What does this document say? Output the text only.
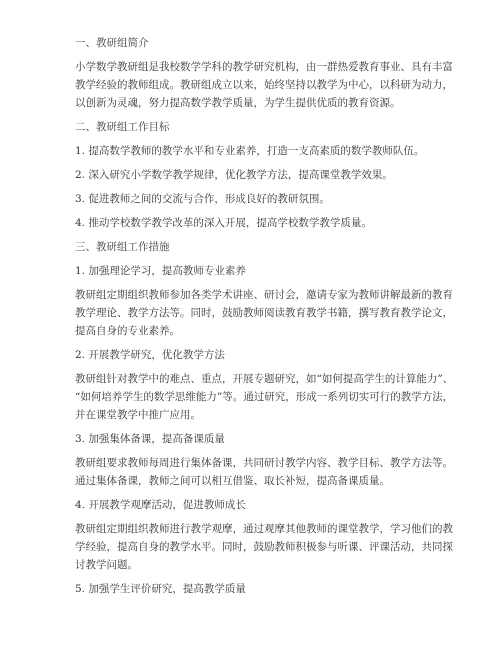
一、教研组简介

小学数学教研组是我校数学学科的教学研究机构，由一群热爱教育事业、具有丰富

教学经验的教师组成。教研组成立以来，始终坚持以教学为中心，以科研为动力，

以创新为灵魂，努力提高数学教学质量，为学生提供优质的教育资源。

二、教研组工作目标

1. 提高数学教师的教学水平和专业素养，打造一支高素质的数学教师队伍。

2. 深入研究小学数学教学规律，优化教学方法，提高课堂教学效果。

3. 促进教师之间的交流与合作，形成良好的教研氛围。

4. 推动学校数学教学改革的深入开展，提高学校数学教学质量。

三、教研组工作措施

1. 加强理论学习，提高教师专业素养

教研组定期组织教师参加各类学术讲座、研讨会，邀请专家为教师讲解最新的教育

教学理论、教学方法等。同时，鼓励教师阅读教育教学书籍，撰写教育教学论文，

提高自身的专业素养。

2. 开展教学研究，优化教学方法

教研组针对教学中的难点、重点，开展专题研究，如“如何提高学生的计算能力”、

“如何培养学生的数学思维能力”等。通过研究，形成一系列切实可行的教学方法，

并在课堂教学中推广应用。

3. 加强集体备课，提高备课质量

教研组要求教师每周进行集体备课，共同研讨教学内容、教学目标、教学方法等。

通过集体备课，教师之间可以相互借鉴、取长补短，提高备课质量。

4. 开展教学观摩活动，促进教师成长

教研组定期组织教师进行教学观摩，通过观摩其他教师的课堂教学，学习他们的教

学经验，提高自身的教学水平。同时，鼓励教师积极参与听课、评课活动，共同探

讨教学问题。

5. 加强学生评价研究，提高教学质量
